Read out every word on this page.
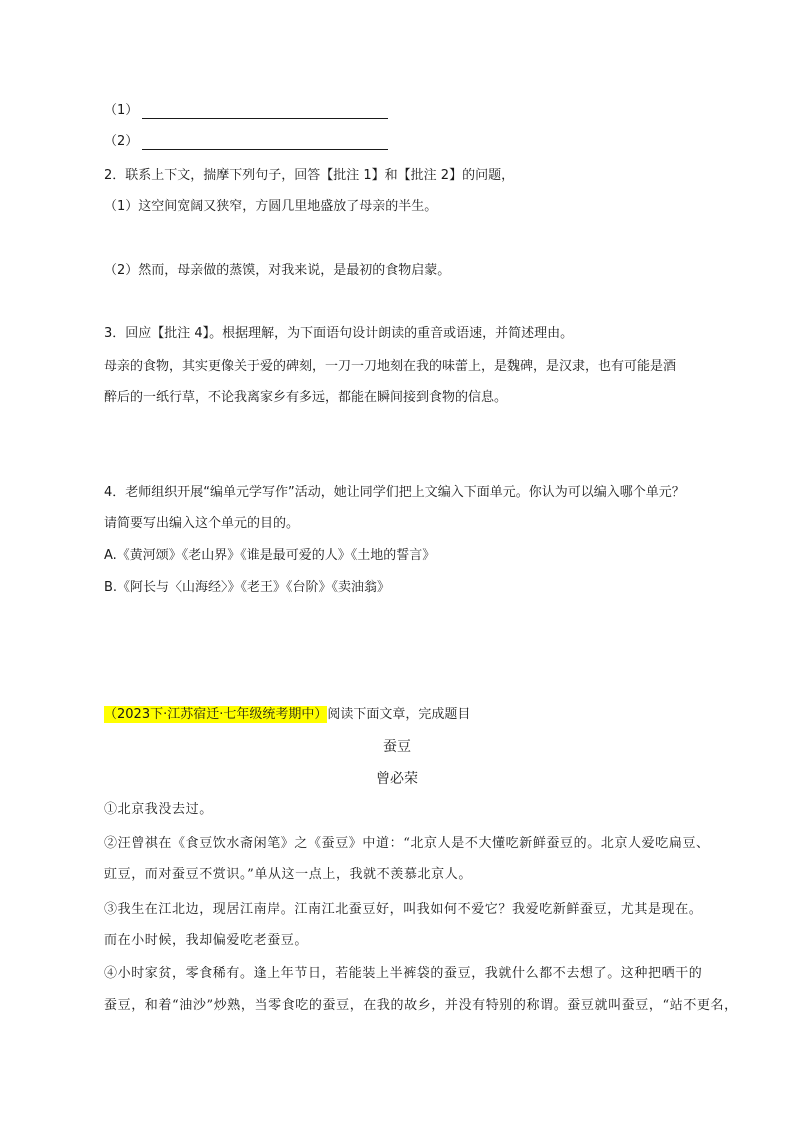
（1）
（2）
2．联系上下文，揣摩下列句子，回答【批注 1】和【批注 2】的问题，
（1）这空间宽阔又狭窄，方圆几里地盛放了母亲的半生。
（2）然而，母亲做的蒸馍，对我来说，是最初的食物启蒙。
3．回应【批注 4】。根据理解，为下面语句设计朗读的重音或语速，并简述理由。
母亲的食物，其实更像关于爱的碑刻，一刀一刀地刻在我的味蕾上，是魏碑，是汉隶，也有可能是酒
醉后的一纸行草，不论我离家乡有多远，都能在瞬间接到食物的信息。
4．老师组织开展“编单元学写作”活动，她让同学们把上文编入下面单元。你认为可以编入哪个单元？
请简要写出编入这个单元的目的。
A.《黄河颂》《老山界》《谁是最可爱的人》《土地的誓言》
B.《阿长与〈山海经〉》《老王》《台阶》《卖油翁》
（2023下·江苏宿迁·七年级统考期中）阅读下面文章，完成题目
蚕豆
曾必荣
①北京我没去过。
②汪曾祺在《食豆饮水斋闲笔》之《蚕豆》中道：“北京人是不大懂吃新鲜蚕豆的。北京人爱吃扁豆、
豇豆，而对蚕豆不赏识。”单从这一点上，我就不羡慕北京人。
③我生在江北边，现居江南岸。江南江北蚕豆好，叫我如何不爱它？我爱吃新鲜蚕豆，尤其是现在。
而在小时候，我却偏爱吃老蚕豆。
④小时家贫，零食稀有。逢上年节日，若能装上半裤袋的蚕豆，我就什么都不去想了。这种把晒干的
蚕豆，和着“油沙”炒熟，当零食吃的蚕豆，在我的故乡，并没有特别的称谓。蚕豆就叫蚕豆，“站不更名，
